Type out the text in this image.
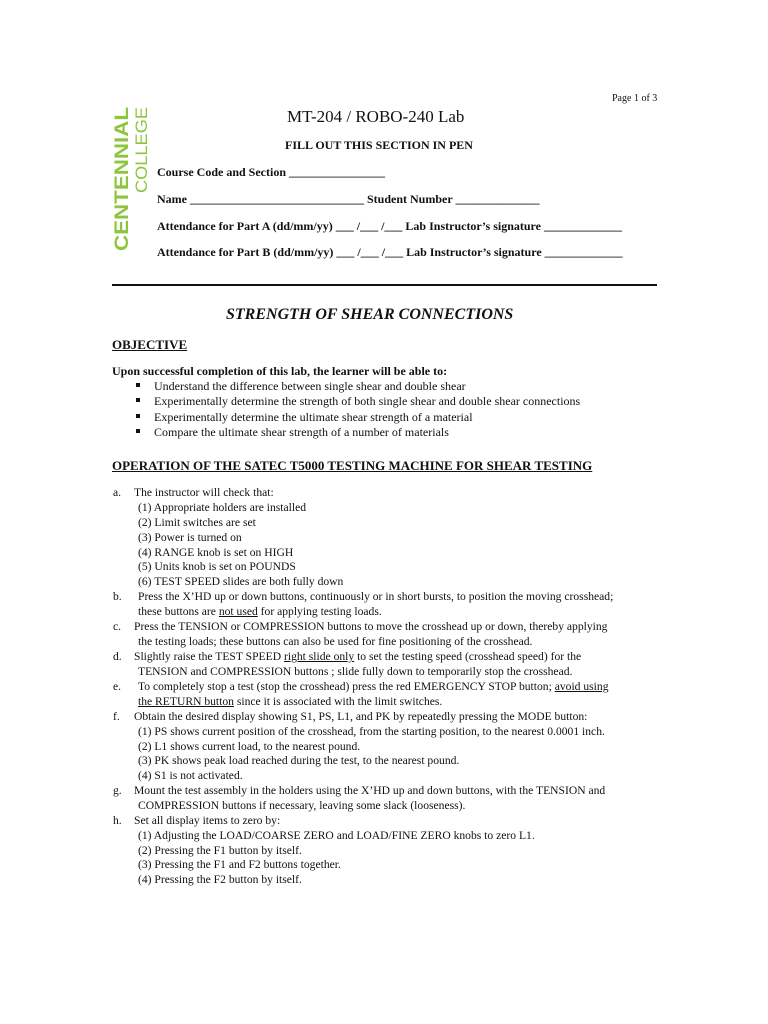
Page 1 of 3
CENTENNIAL COLLEGE	MT-204 / ROBO-240 Lab
FILL OUT THIS SECTION IN PEN
Course Code and Section ________________
Name _____________________________ Student Number ______________
Attendance for Part A (dd/mm/yy) ___ /___ /___ Lab Instructor’s signature _____________
Attendance for Part B (dd/mm/yy) ___ /___ /___ Lab Instructor’s signature _____________
STRENGTH OF SHEAR CONNECTIONS
OBJECTIVE
Upon successful completion of this lab, the learner will be able to:
Understand the difference between single shear and double shear
Experimentally determine the strength of both single shear and double shear connections
Experimentally determine the ultimate shear strength of a material
Compare the ultimate shear strength of a number of materials
OPERATION OF THE SATEC T5000 TESTING MACHINE FOR SHEAR TESTING
a. The instructor will check that:
(1) Appropriate holders are installed
(2) Limit switches are set
(3) Power is turned on
(4) RANGE knob is set on HIGH
(5) Units knob is set on POUNDS
(6) TEST SPEED slides are both fully down
b. Press the X’HD up or down buttons, continuously or in short bursts, to position the moving crosshead;
these buttons are not used for applying testing loads.
c. Press the TENSION or COMPRESSION buttons to move the crosshead up or down, thereby applying
the testing loads; these buttons can also be used for fine positioning of the crosshead.
d. Slightly raise the TEST SPEED right slide only to set the testing speed (crosshead speed) for the
TENSION and COMPRESSION buttons ; slide fully down to temporarily stop the crosshead.
e. To completely stop a test (stop the crosshead) press the red EMERGENCY STOP button; avoid using
the RETURN button since it is associated with the limit switches.
f. Obtain the desired display showing S1, PS, L1, and PK by repeatedly pressing the MODE button:
(1) PS shows current position of the crosshead, from the starting position, to the nearest 0.0001 inch.
(2) L1 shows current load, to the nearest pound.
(3) PK shows peak load reached during the test, to the nearest pound.
(4) S1 is not activated.
g. Mount the test assembly in the holders using the X’HD up and down buttons, with the TENSION and
COMPRESSION buttons if necessary, leaving some slack (looseness).
h. Set all display items to zero by:
(1) Adjusting the LOAD/COARSE ZERO and LOAD/FINE ZERO knobs to zero L1.
(2) Pressing the F1 button by itself.
(3) Pressing the F1 and F2 buttons together.
(4) Pressing the F2 button by itself.
